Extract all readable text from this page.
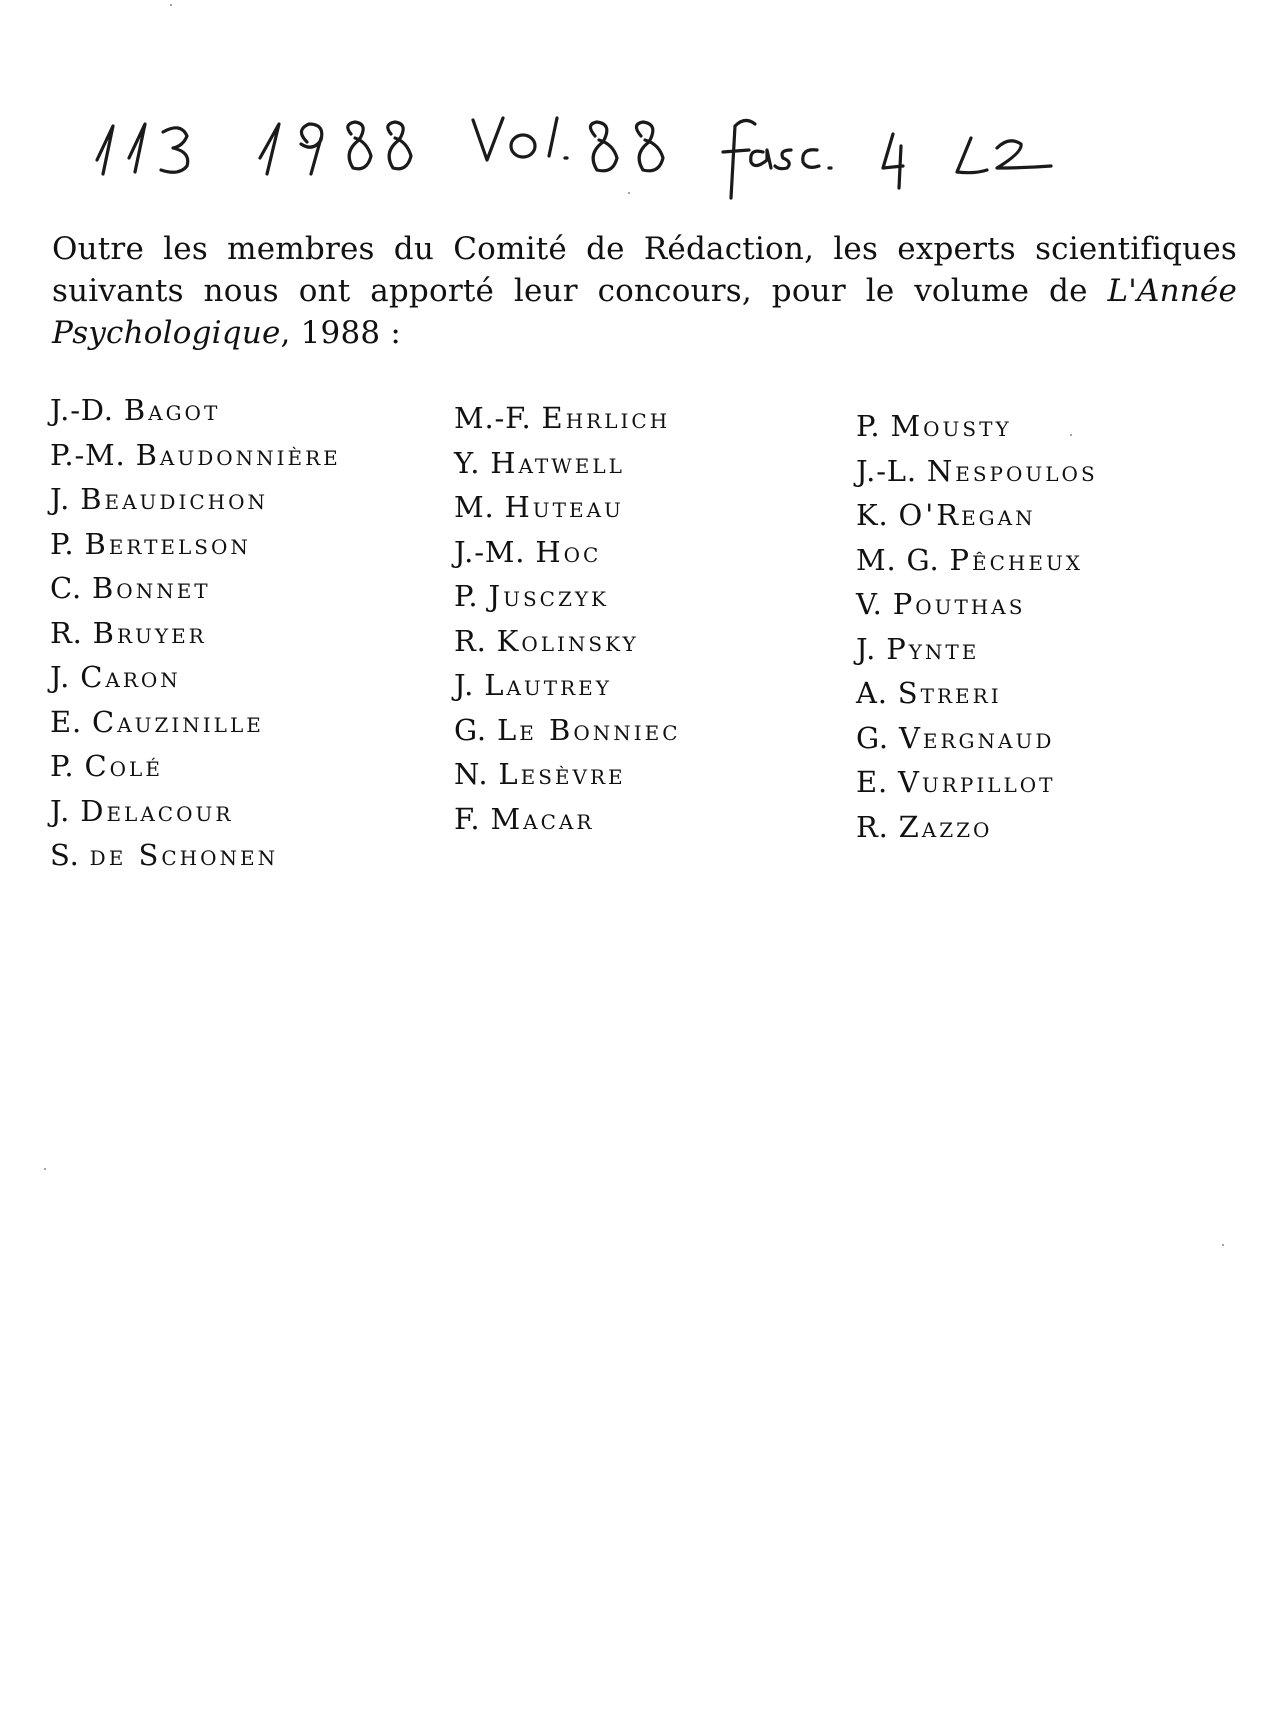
Outre les membres du Comité de Rédaction, les experts scientifiques
suivants nous ont apporté leur concours, pour le volume de L'Année
Psychologique, 1988 :
J.-D. Bagot
P.-M. Baudonnière
J. Beaudichon
P. Bertelson
C. Bonnet
R. Bruyer
J. Caron
E. Cauzinille
P. Colé
J. Delacour
S. de Schonen
M.-F. Ehrlich
Y. Hatwell
M. Huteau
J.-M. Hoc
P. Jusczyk
R. Kolinsky
J. Lautrey
G. Le Bonniec
N. Lesèvre
F. Macar
P. Mousty
J.-L. Nespoulos
K. O'Regan
M. G. Pêcheux
V. Pouthas
J. Pynte
A. Streri
G. Vergnaud
E. Vurpillot
R. Zazzo
